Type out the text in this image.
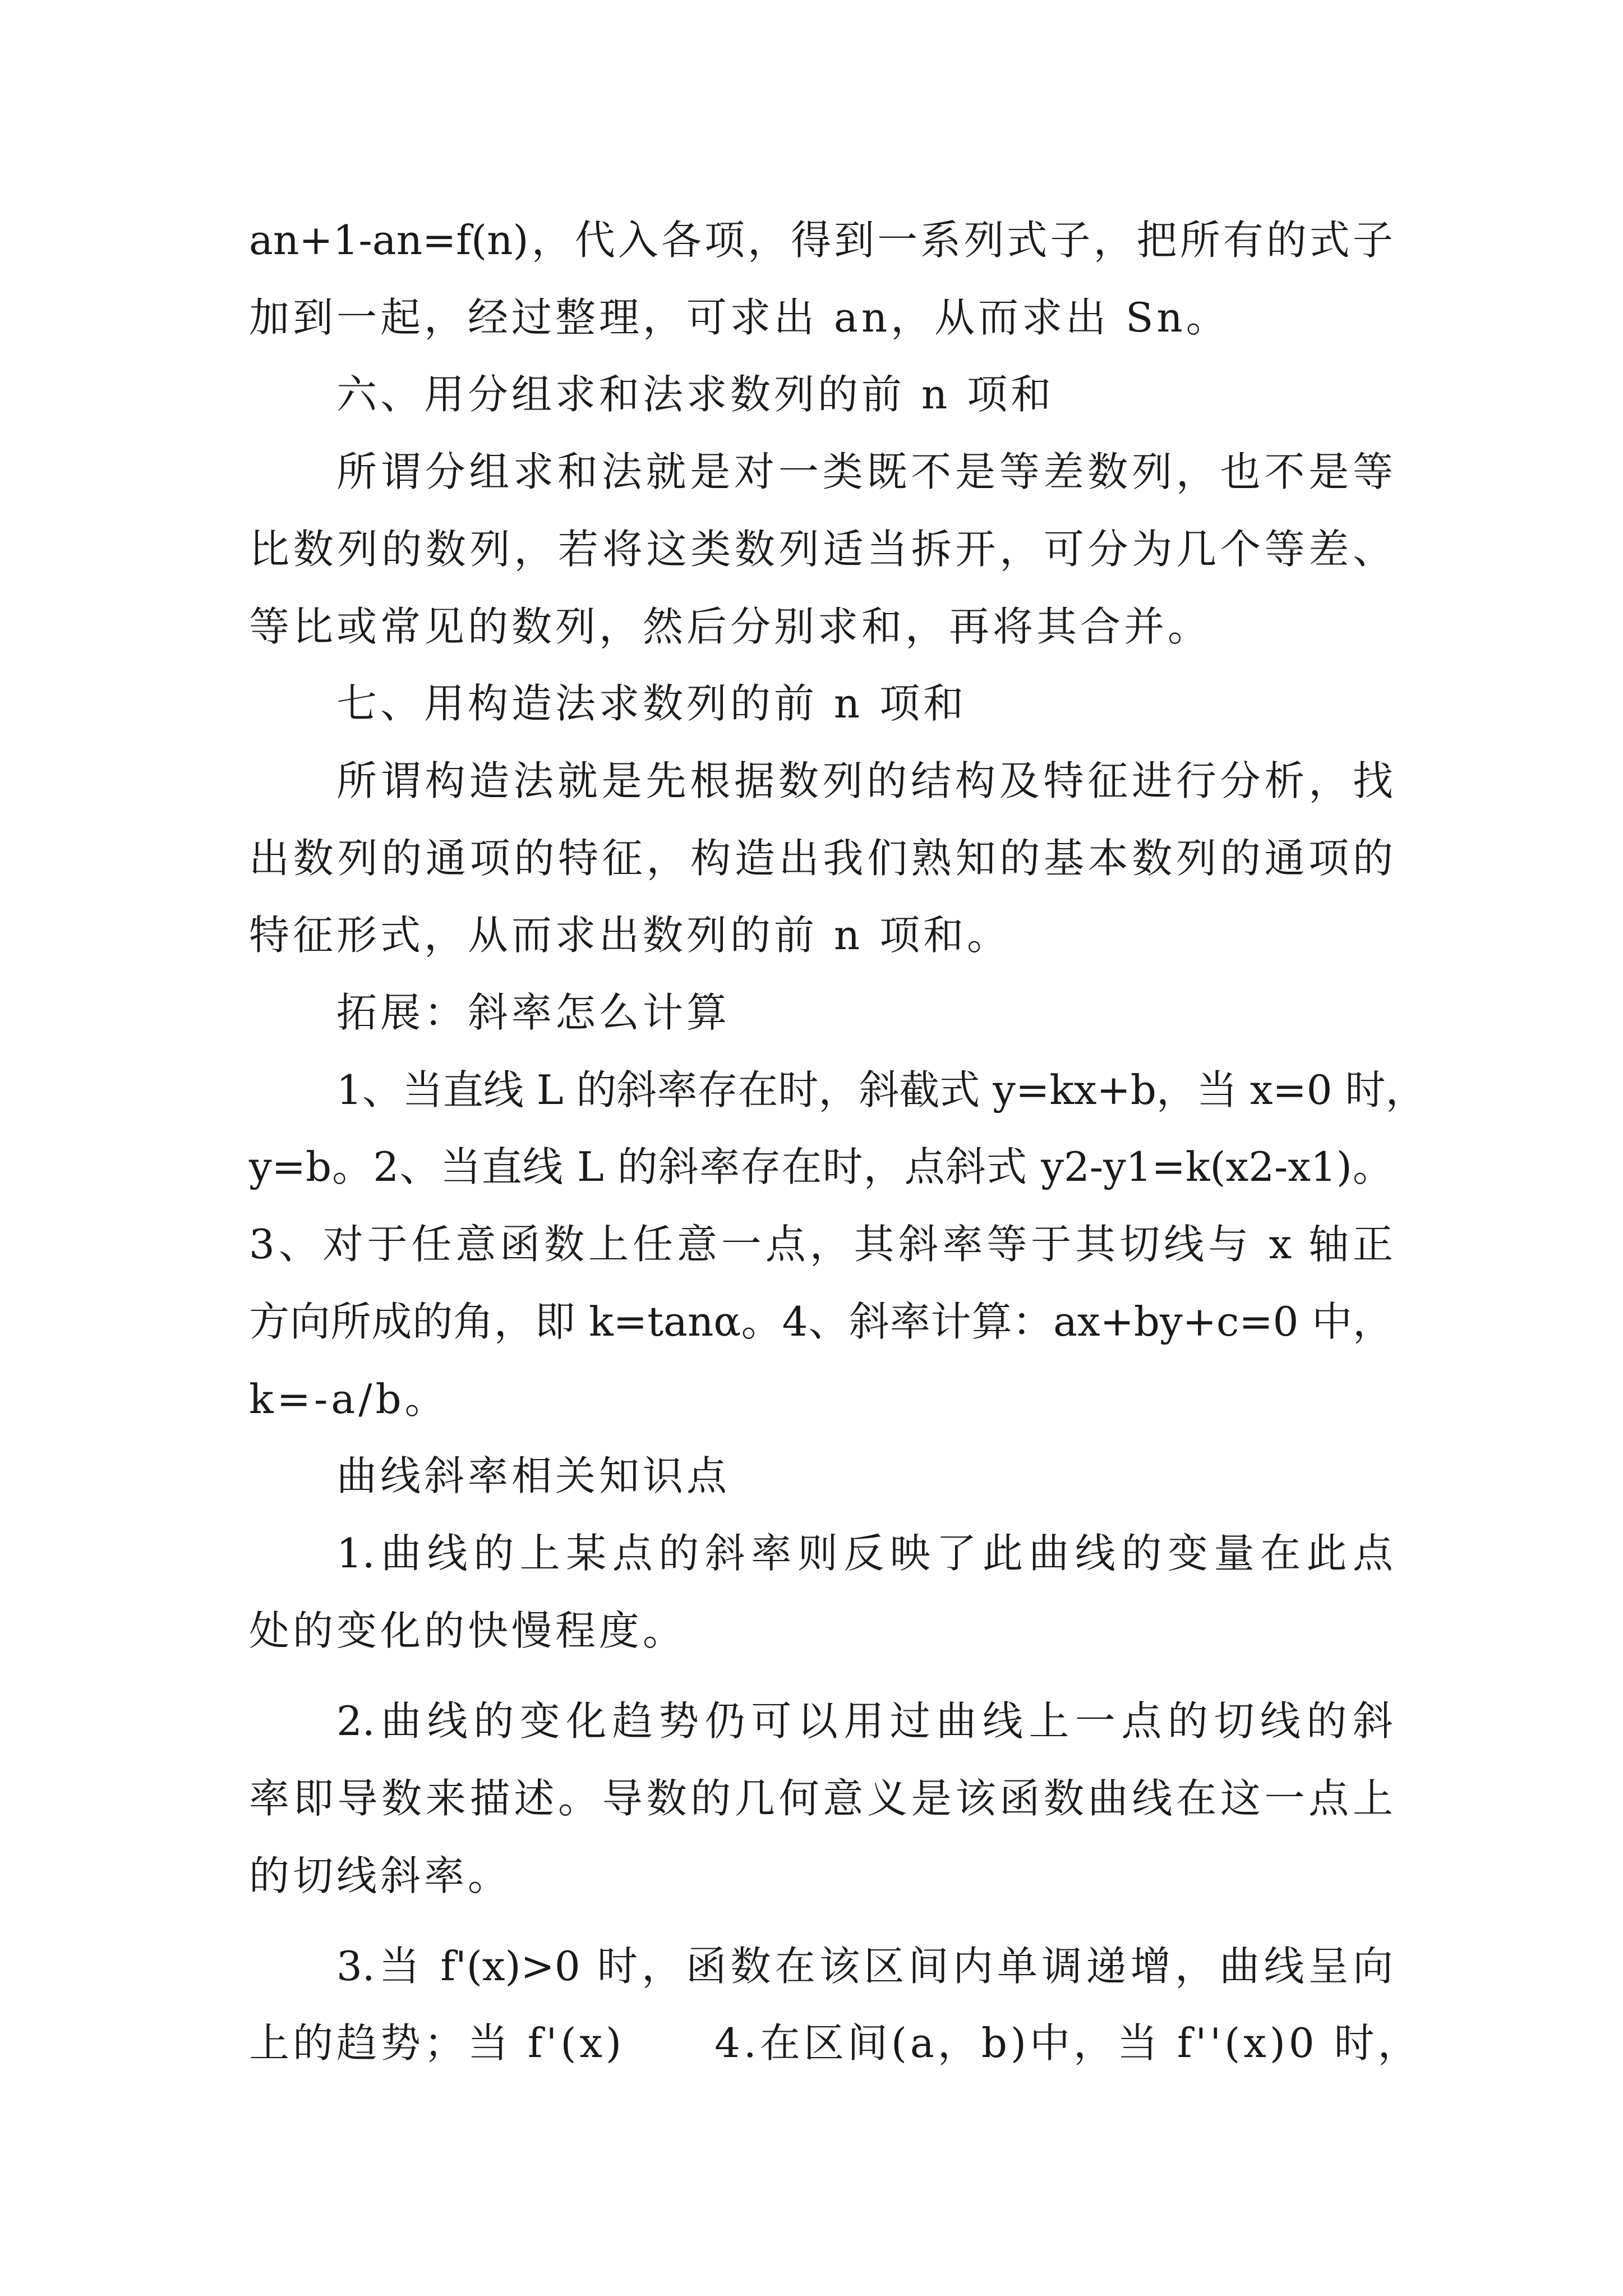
an+1-an=f(n)，代入各项，得到一系列式子，把所有的式子
加到一起，经过整理，可求出 an，从而求出 Sn。
六、用分组求和法求数列的前 n 项和
所谓分组求和法就是对一类既不是等差数列，也不是等
比数列的数列，若将这类数列适当拆开，可分为几个等差、
等比或常见的数列，然后分别求和，再将其合并。
七、用构造法求数列的前 n 项和
所谓构造法就是先根据数列的结构及特征进行分析，找
出数列的通项的特征，构造出我们熟知的基本数列的通项的
特征形式，从而求出数列的前 n 项和。
拓展：斜率怎么计算
1、当直线 L 的斜率存在时，斜截式 y=kx+b，当 x=0 时，
y=b。2、当直线 L 的斜率存在时，点斜式 y2-y1=k(x2-x1)。
3、对于任意函数上任意一点，其斜率等于其切线与 x 轴正
方向所成的角，即 k=tanα。4、斜率计算：ax+by+c=0 中，
k=-a/b。
曲线斜率相关知识点
1.曲线的上某点的斜率则反映了此曲线的变量在此点
处的变化的快慢程度。
2.曲线的变化趋势仍可以用过曲线上一点的切线的斜
率即导数来描述。导数的几何意义是该函数曲线在这一点上
的切线斜率。
3.当 f'(x)>0 时，函数在该区间内单调递增，曲线呈向
上的趋势；当 f'(x) 4.在区间(a，b)中，当 f''(x)0 时，
